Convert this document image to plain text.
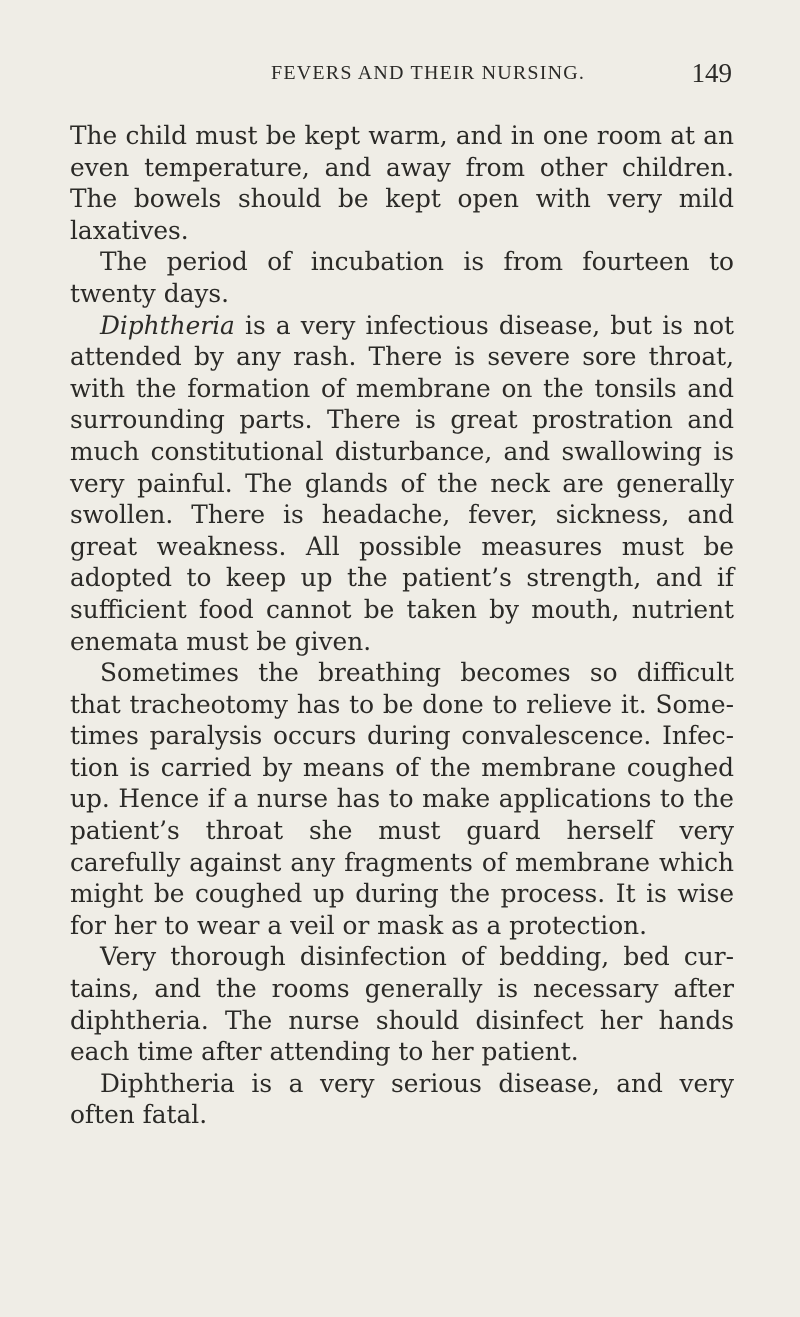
FEVERS AND THEIR NURSING.	149

The child must be kept warm, and in one room at an even temperature, and away from other children. The bowels should be kept open with very mild laxatives.

The period of incubation is from fourteen to twenty days.

Diphtheria is a very infectious disease, but is not attended by any rash. There is severe sore throat, with the formation of membrane on the tonsils and surrounding parts. There is great prostration and much constitutional disturbance, and swallowing is very painful. The glands of the neck are generally swollen. There is headache, fever, sickness, and great weakness. All possible measures must be adopted to keep up the patient’s strength, and if sufficient food cannot be taken by mouth, nutrient enemata must be given.

Sometimes the breathing becomes so difficult that tracheotomy has to be done to relieve it. Sometimes paralysis occurs during convalescence. Infection is carried by means of the membrane coughed up. Hence if a nurse has to make applications to the patient’s throat she must guard herself very carefully against any fragments of membrane which might be coughed up during the process. It is wise for her to wear a veil or mask as a protection.

Very thorough disinfection of bedding, bed curtains, and the rooms generally is necessary after diphtheria. The nurse should disinfect her hands each time after attending to her patient.

Diphtheria is a very serious disease, and very often fatal.
